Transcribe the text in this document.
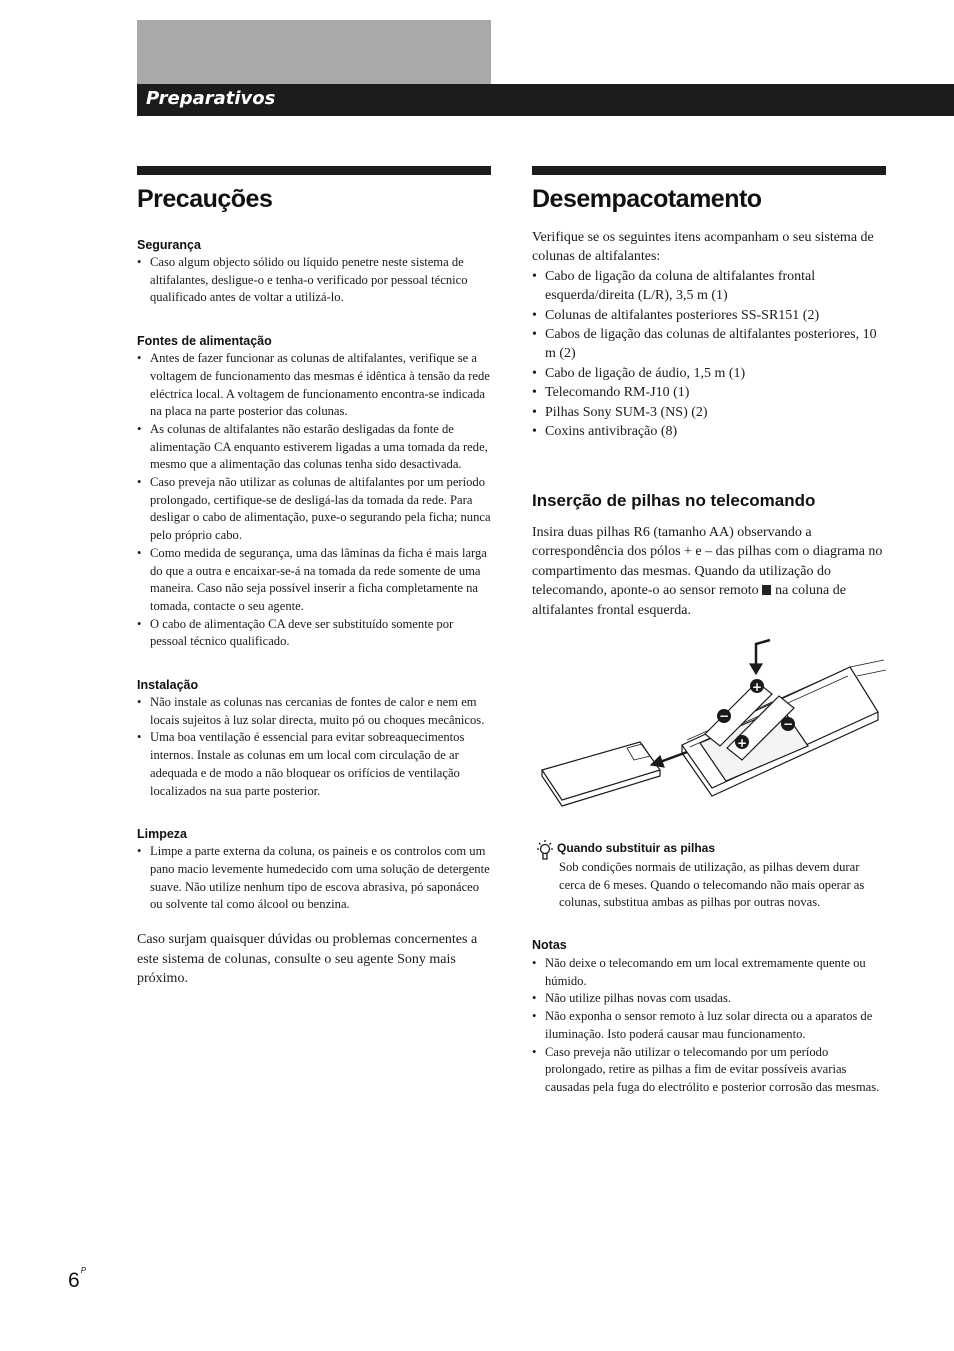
Preparativos
Precauções
Segurança
• Caso algum objecto sólido ou líquido penetre neste sistema de altifalantes, desligue-o e tenha-o verificado por pessoal técnico qualificado antes de voltar a utilizá-lo.
Fontes de alimentação
• Antes de fazer funcionar as colunas de altifalantes, verifique se a voltagem de funcionamento das mesmas é idêntica à tensão da rede eléctrica local. A voltagem de funcionamento encontra-se indicada na placa na parte posterior das colunas.
• As colunas de altifalantes não estarão desligadas da fonte de alimentação CA enquanto estiverem ligadas a uma tomada da rede, mesmo que a alimentação das colunas tenha sido desactivada.
• Caso preveja não utilizar as colunas de altifalantes por um período prolongado, certifique-se de desligá-las da tomada da rede. Para desligar o cabo de alimentação, puxe-o segurando pela ficha; nunca pelo próprio cabo.
• Como medida de segurança, uma das lâminas da ficha é mais larga do que a outra e encaixar-se-á na tomada da rede somente de uma maneira. Caso não seja possível inserir a ficha completamente na tomada, contacte o seu agente.
• O cabo de alimentação CA deve ser substituído somente por pessoal técnico qualificado.
Instalação
• Não instale as colunas nas cercanias de fontes de calor e nem em locais sujeitos à luz solar directa, muito pó ou choques mecânicos.
• Uma boa ventilação é essencial para evitar sobreaquecimentos internos. Instale as colunas em um local com circulação de ar adequada e de modo a não bloquear os orifícios de ventilação localizados na sua parte posterior.
Limpeza
• Limpe a parte externa da coluna, os paineis e os controlos com um pano macio levemente humedecido com uma solução de detergente suave. Não utilize nenhum tipo de escova abrasiva, pó saponáceo ou solvente tal como álcool ou benzina.

Caso surjam quaisquer dúvidas ou problemas concernentes a este sistema de colunas, consulte o seu agente Sony mais próximo.

Desempacotamento

Verifique se os seguintes itens acompanham o seu sistema de colunas de altifalantes:

• Cabo de ligação da coluna de altifalantes frontal esquerda/direita (L/R), 3,5 m (1)
• Colunas de altifalantes posteriores SS-SR151 (2)
• Cabos de ligação das colunas de altifalantes posteriores, 10 m (2)
• Cabo de ligação de áudio, 1,5 m (1)
• Telecomando RM-J10 (1)
• Pilhas Sony SUM-3 (NS) (2)
• Coxins antivibração (8)
Inserção de pilhas no telecomando

Insira duas pilhas R6 (tamanho AA) observando a correspondência dos pólos + e – das pilhas com o diagrama no compartimento das mesmas. Quando da utilização do telecomando, aponte-o ao sensor remoto na coluna de altifalantes frontal esquerda.

+
−
−
+
Quando substituir as pilhas

Sob condições normais de utilização, as pilhas devem durar cerca de 6 meses. Quando o telecomando não mais operar as colunas, substitua ambas as pilhas por outras novas.

Notas
• Não deixe o telecomando em um local extremamente quente ou húmido.
• Não utilize pilhas novas com usadas.
• Não exponha o sensor remoto à luz solar directa ou a aparatos de iluminação. Isto poderá causar mau funcionamento.
• Caso preveja não utilizar o telecomando por um período prolongado, retire as pilhas a fim de evitar possíveis avarias causadas pela fuga do electrólito e posterior corrosão das mesmas.
$6^P$
